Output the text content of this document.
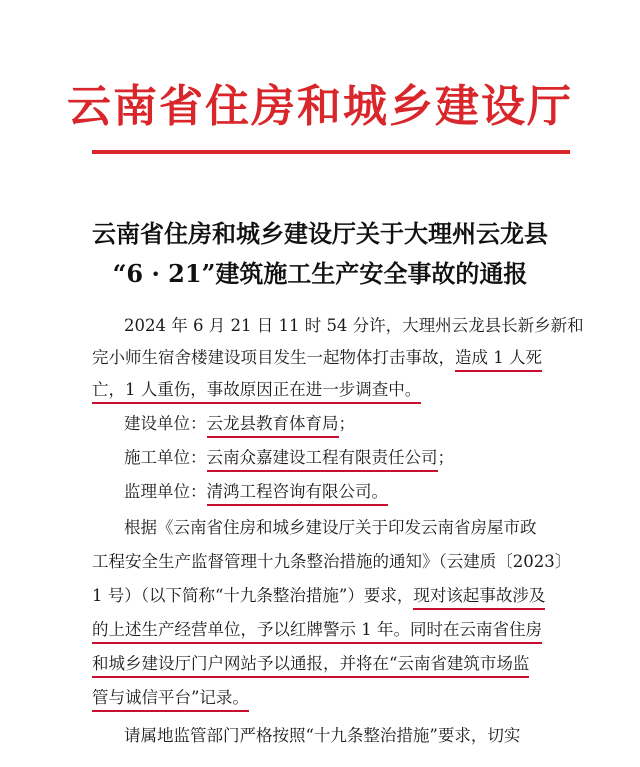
云南省住房和城乡建设厅
云南省住房和城乡建设厅关于大理州云龙县
“6 · 21”建筑施工生产安全事故的通报
2024 年 6 月 21 日 11 时 54 分许，大理州云龙县长新乡新和
完小师生宿舍楼建设项目发生一起物体打击事故，造成 1 人死
亡，1 人重伤，事故原因正在进一步调查中。
建设单位：云龙县教育体育局；
施工单位：云南众嘉建设工程有限责任公司；
监理单位：清鸿工程咨询有限公司。
根据《云南省住房和城乡建设厅关于印发云南省房屋市政
工程安全生产监督管理十九条整治措施的通知》（云建质〔2023〕
1 号）（以下简称“十九条整治措施”）要求，现对该起事故涉及
的上述生产经营单位，予以红牌警示 1 年。同时在云南省住房
和城乡建设厅门户网站予以通报，并将在“云南省建筑市场监
管与诚信平台”记录。
请属地监管部门严格按照“十九条整治措施”要求，切实
